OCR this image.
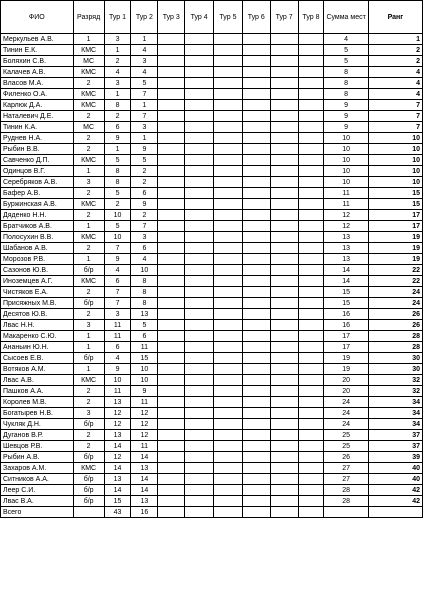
ФИО	Разряд	Тур 1	Тур 2	Тур 3	Тур 4	Тур 5	Тур 6	Тур 7	Тур 8	Сумма мест	Ранг
Меркульев А.В.	1	3	1							4	1
Тинин Е.К.	КМС	1	4							5	2
Боляхин С.В.	МС	2	3							5	2
Калачев А.В.	КМС	4	4							8	4
Власов М.А.	2	3	5							8	4
Филенко О.А.	КМС	1	7							8	4
Карлюк Д.А.	КМС	8	1							9	7
Наталевич Д.Е.	2	2	7							9	7
Тинин К.А.	МС	6	3							9	7
Руднев Н.А.	2	9	1							10	10
Рыбин В.В.	2	1	9							10	10
Савченко Д.П.	КМС	5	5							10	10
Одинцов В.Г.	1	8	2							10	10
Серебряков А.В.	3	8	2							10	10
Бафер А.В.	2	5	6							11	15
Буржинская А.В.	КМС	2	9							11	15
Дяденко Н.Н.	2	10	2							12	17
Братчиков А.В.	1	5	7							12	17
Полосухин В.В.	КМС	10	3							13	19
Шабанов А.В.	2	7	6							13	19
Морозов Р.В.	1	9	4							13	19
Сазонов Ю.В.	б/р	4	10							14	22
Иноземцев А.Г.	КМС	6	8							14	22
Чистяков Е.А.	2	7	8							15	24
Присяжных М.В.	б/р	7	8							15	24
Десятов Ю.В.	2	3	13							16	26
Лвас Н.Н.	3	11	5							16	26
Макаренко С.Ю.	1	11	6							17	28
Ананьин Ю.Н.	1	6	11							17	28
Сысоев Е.В.	б/р	4	15							19	30
Вотяков А.М.	1	9	10							19	30
Лвас А.В.	КМС	10	10							20	32
Пашков А.А.	2	11	9							20	32
Королев М.В.	2	13	11							24	34
Богатырев Н.В.	3	12	12							24	34
Чукляк Д.Н.	б/р	12	12							24	34
Дуганов В.Р.	2	13	12							25	37
Шевцов Р.В.	2	14	11							25	37
Рыбин А.В.	б/р	12	14							26	39
Захаров А.М.	КМС	14	13							27	40
Ситников А.А.	б/р	13	14							27	40
Леер С.И.	б/р	14	14							28	42
Лвас В.А.	б/р	15	13							28	42
Всего		43	16								
